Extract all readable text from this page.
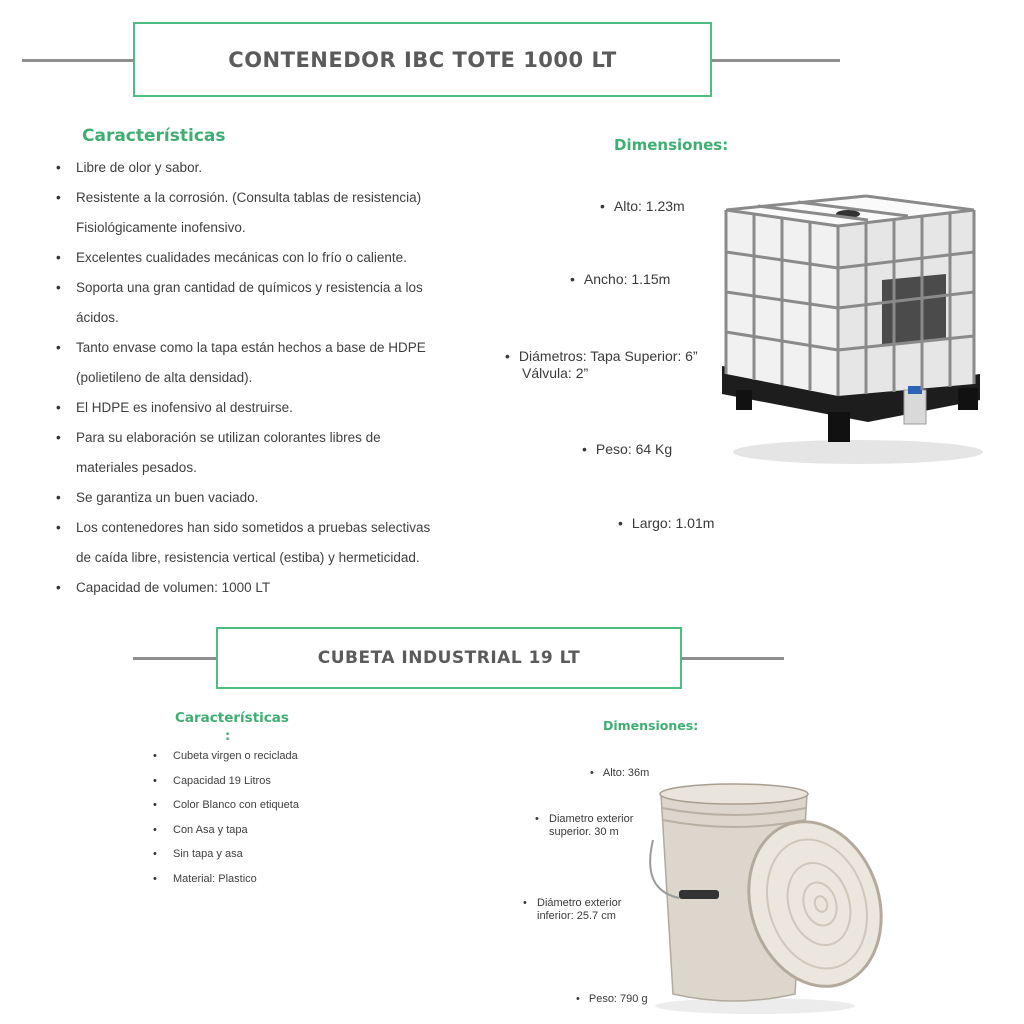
CONTENEDOR IBC TOTE 1000 LT
Características
• Libre de olor y sabor.
• Resistente a la corrosión. (Consulta tablas de resistencia)
Fisiológicamente inofensivo.
• Excelentes cualidades mecánicas con lo frío o caliente.
• Soporta una gran cantidad de químicos y resistencia a los
ácidos.
• Tanto envase como la tapa están hechos a base de HDPE
(polietileno de alta densidad).
• El HDPE es inofensivo al destruirse.
• Para su elaboración se utilizan colorantes libres de
materiales pesados.
• Se garantiza un buen vaciado.
• Los contenedores han sido sometidos a pruebas selectivas
de caída libre, resistencia vertical (estiba) y hermeticidad.
• Capacidad de volumen: 1000 LT
Dimensiones:
• Alto: 1.23m
• Ancho: 1.15m
• Diámetros: Tapa Superior: 6”
Válvula: 2”
• Peso: 64 Kg
• Largo: 1.01m
CUBETA INDUSTRIAL 19 LT
Características
:
• Cubeta virgen o reciclada
• Capacidad 19 Litros
• Color Blanco con etiqueta
• Con Asa y tapa
• Sin tapa y asa
• Material: Plastico
Dimensiones:
• Alto: 36m
• Diametro exterior
superior. 30 m
• Diámetro exterior
inferior: 25.7 cm
• Peso: 790 g
